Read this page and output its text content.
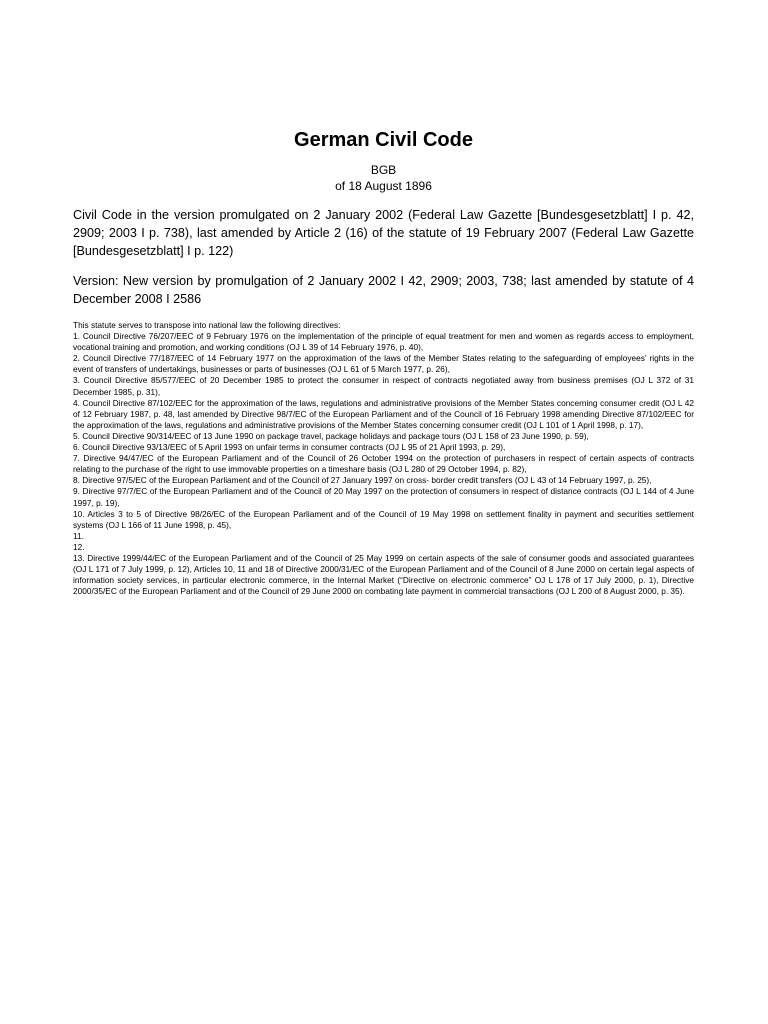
German Civil Code
BGB
of 18 August 1896

Civil Code in the version promulgated on 2 January 2002 (Federal Law Gazette [Bundesgesetzblatt] I p. 42, 2909; 2003 I p. 738), last amended by Article 2 (16) of the statute of 19 February 2007 (Federal Law Gazette [Bundesgesetzblatt] I p. 122)

Version: New version by promulgation of 2 January 2002 I 42, 2909; 2003, 738; last amended by statute of 4 December 2008 I 2586

This statute serves to transpose into national law the following directives:
1. Council Directive 76/207/EEC of 9 February 1976 on the implementation of the principle of equal treatment for men and women as regards access to employment, vocational training and promotion, and working conditions (OJ L 39 of 14 February 1976, p. 40),
2. Council Directive 77/187/EEC of 14 February 1977 on the approximation of the laws of the Member States relating to the safeguarding of employees’ rights in the event of transfers of undertakings, businesses or parts of businesses (OJ L 61 of 5 March 1977, p. 26),
3. Council Directive 85/577/EEC of 20 December 1985 to protect the consumer in respect of contracts negotiated away from business premises (OJ L 372 of 31 December 1985, p. 31),
4. Council Directive 87/102/EEC for the approximation of the laws, regulations and administrative provisions of the Member States concerning consumer credit (OJ L 42 of 12 February 1987, p. 48, last amended by Directive 98/7/EC of the European Parliament and of the Council of 16 February 1998 amending Directive 87/102/EEC for the approximation of the laws, regulations and administrative provisions of the Member States concerning consumer credit (OJ L 101 of 1 April 1998, p. 17),
5. Council Directive 90/314/EEC of 13 June 1990 on package travel, package holidays and package tours (OJ L 158 of 23 June 1990, p. 59),
6. Council Directive 93/13/EEC of 5 April 1993 on unfair terms in consumer contracts (OJ L 95 of 21 April 1993, p. 29),
7. Directive 94/47/EC of the European Parliament and of the Council of 26 October 1994 on the protection of purchasers in respect of certain aspects of contracts relating to the purchase of the right to use immovable properties on a timeshare basis (OJ L 280 of 29 October 1994, p. 82),
8. Directive 97/5/EC of the European Parliament and of the Council of 27 January 1997 on cross- border credit transfers (OJ L 43 of 14 February 1997, p. 25),
9. Directive 97/7/EC of the European Parliament and of the Council of 20 May 1997 on the protection of consumers in respect of distance contracts (OJ L 144 of 4 June 1997, p. 19),
10. Articles 3 to 5 of Directive 98/26/EC of the European Parliament and of the Council of 19 May 1998 on settlement finality in payment and securities settlement systems (OJ L 166 of 11 June 1998, p. 45),
11.
12.
13. Directive 1999/44/EC of the European Parliament and of the Council of 25 May 1999 on certain aspects of the sale of consumer goods and associated guarantees (OJ L 171 of 7 July 1999, p. 12), Articles 10, 11 and 18 of Directive 2000/31/EC of the European Parliament and of the Council of 8 June 2000 on certain legal aspects of information society services, in particular electronic commerce, in the Internal Market (“Directive on electronic commerce” OJ L 178 of 17 July 2000, p. 1), Directive 2000/35/EC of the European Parliament and of the Council of 29 June 2000 on combating late payment in commercial transactions (OJ L 200 of 8 August 2000, p. 35).
